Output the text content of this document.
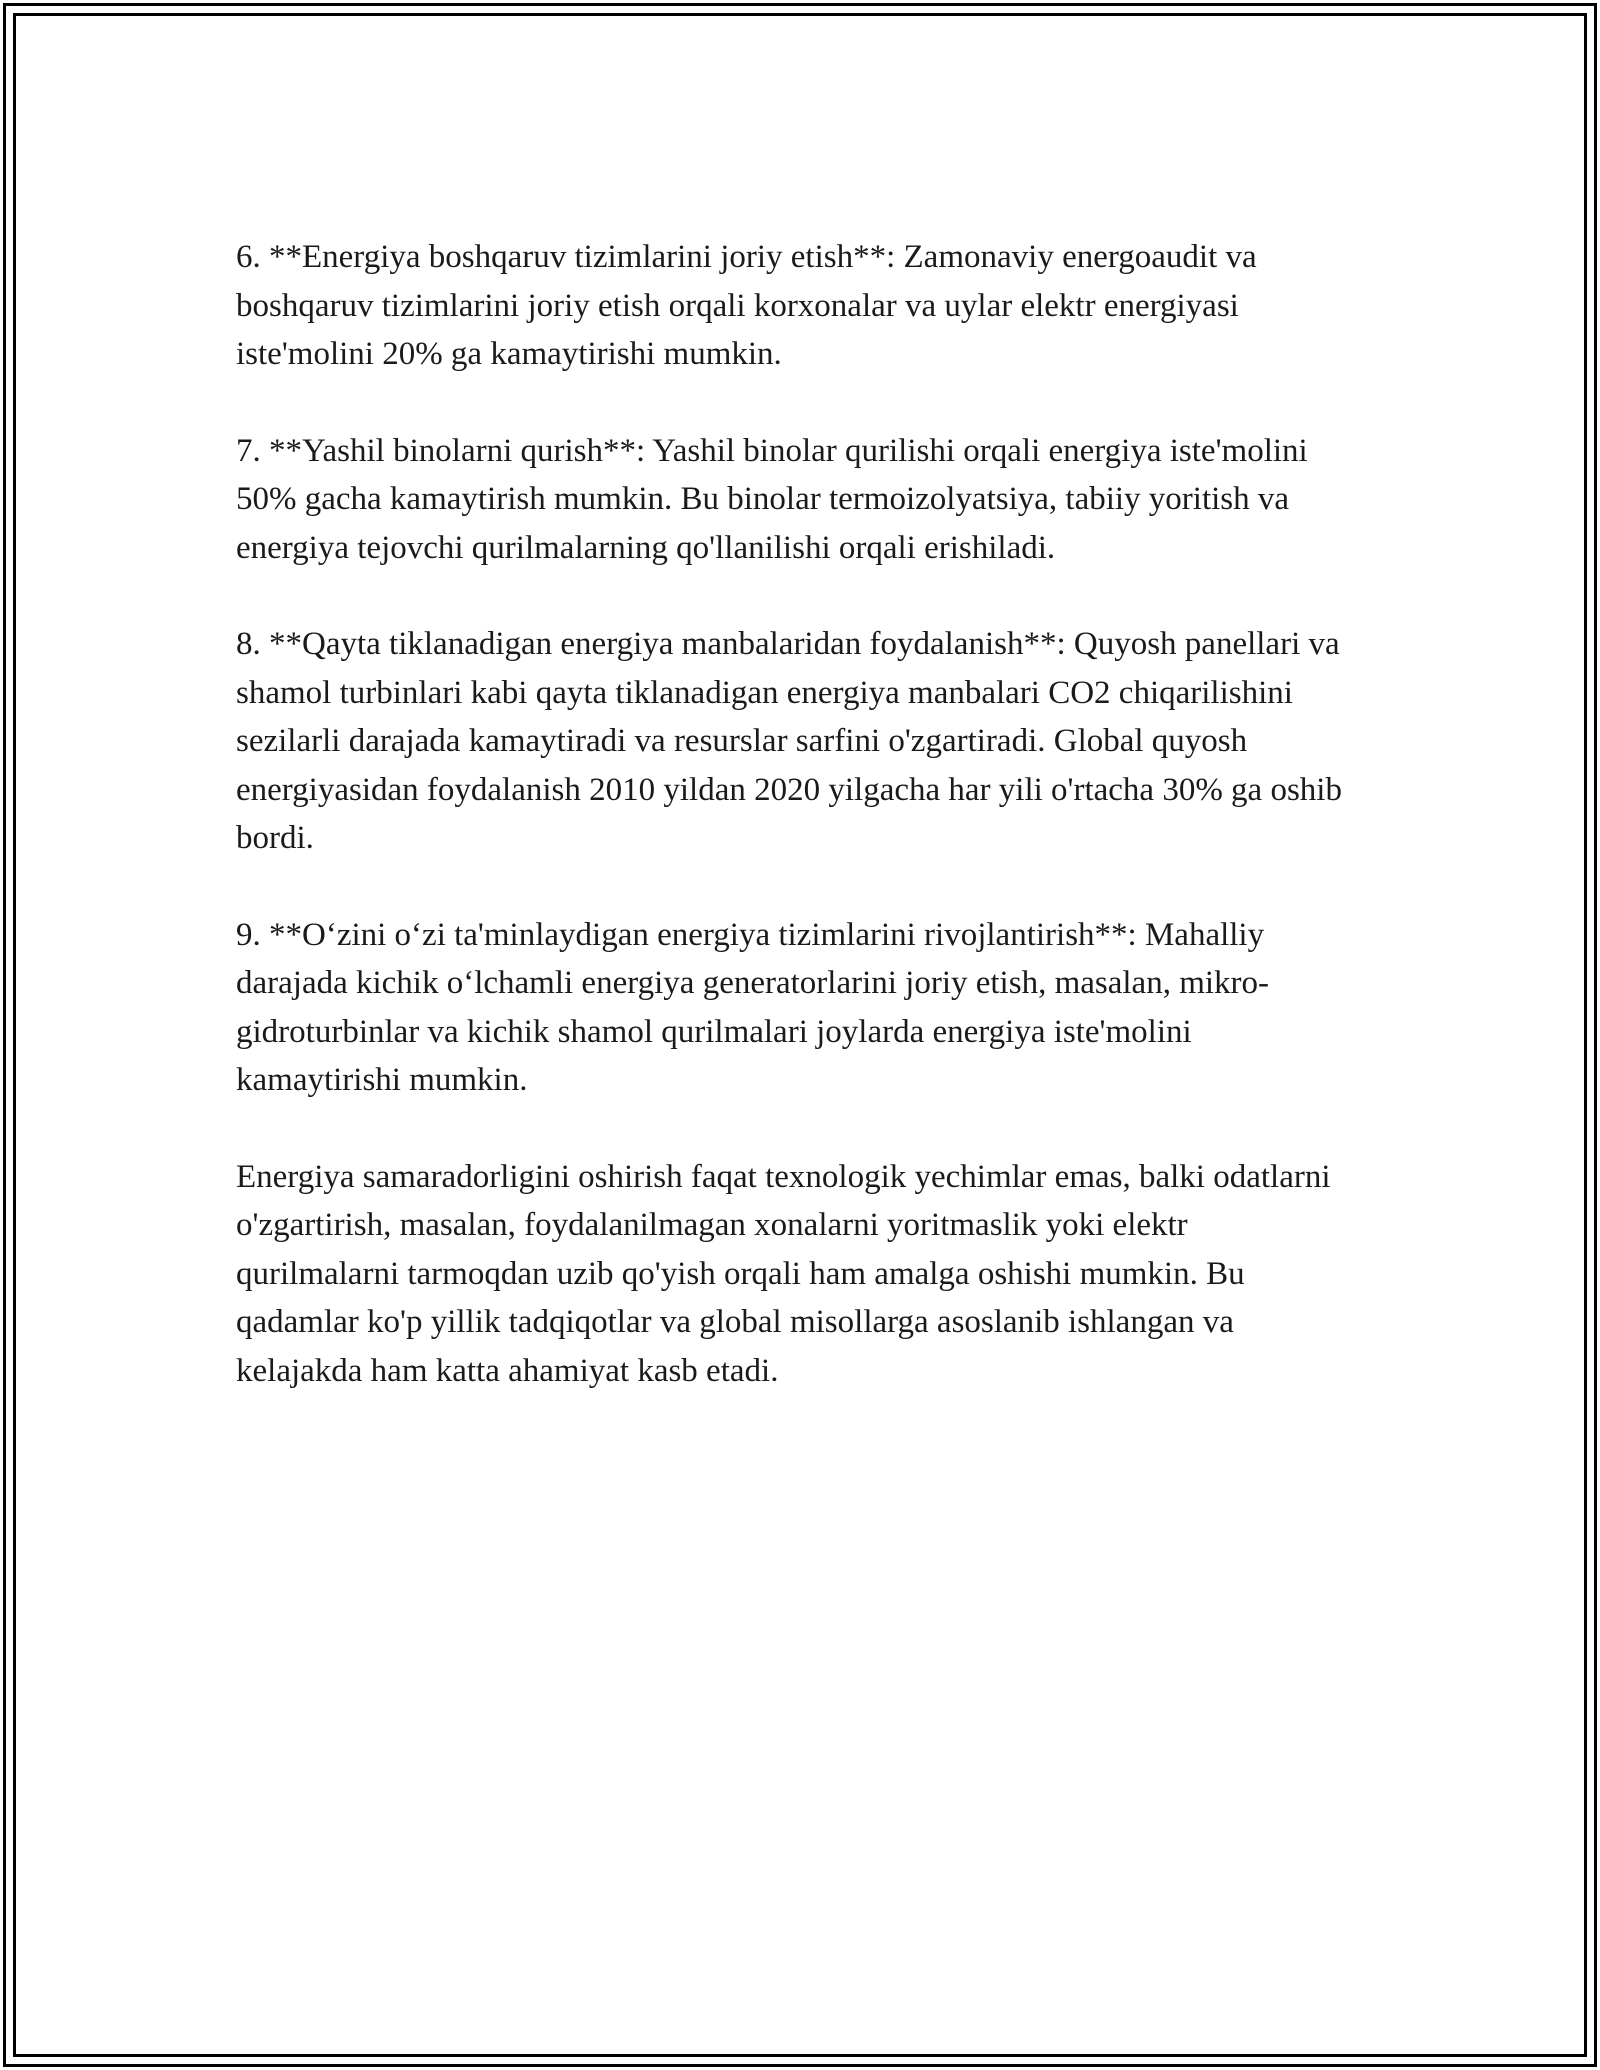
6. **Energiya boshqaruv tizimlarini joriy etish**: Zamonaviy energoaudit va boshqaruv tizimlarini joriy etish orqali korxonalar va uylar elektr energiyasi iste'molini 20% ga kamaytirishi mumkin.

7. **Yashil binolarni qurish**: Yashil binolar qurilishi orqali energiya iste'molini 50% gacha kamaytirish mumkin. Bu binolar termoizolyatsiya, tabiiy yoritish va energiya tejovchi qurilmalarning qo'llanilishi orqali erishiladi.

8. **Qayta tiklanadigan energiya manbalaridan foydalanish**: Quyosh panellari va shamol turbinlari kabi qayta tiklanadigan energiya manbalari CO2 chiqarilishini sezilarli darajada kamaytiradi va resurslar sarfini o'zgartiradi. Global quyosh energiyasidan foydalanish 2010 yildan 2020 yilgacha har yili o'rtacha 30% ga oshib bordi.

9. **O‘zini o‘zi ta'minlaydigan energiya tizimlarini rivojlantirish**: Mahalliy darajada kichik o‘lchamli energiya generatorlarini joriy etish, masalan, mikro-gidroturbinlar va kichik shamol qurilmalari joylarda energiya iste'molini kamaytirishi mumkin.

Energiya samaradorligini oshirish faqat texnologik yechimlar emas, balki odatlarni o'zgartirish, masalan, foydalanilmagan xonalarni yoritmaslik yoki elektr qurilmalarni tarmoqdan uzib qo'yish orqali ham amalga oshishi mumkin. Bu qadamlar ko'p yillik tadqiqotlar va global misollarga asoslanib ishlangan va kelajakda ham katta ahamiyat kasb etadi.
